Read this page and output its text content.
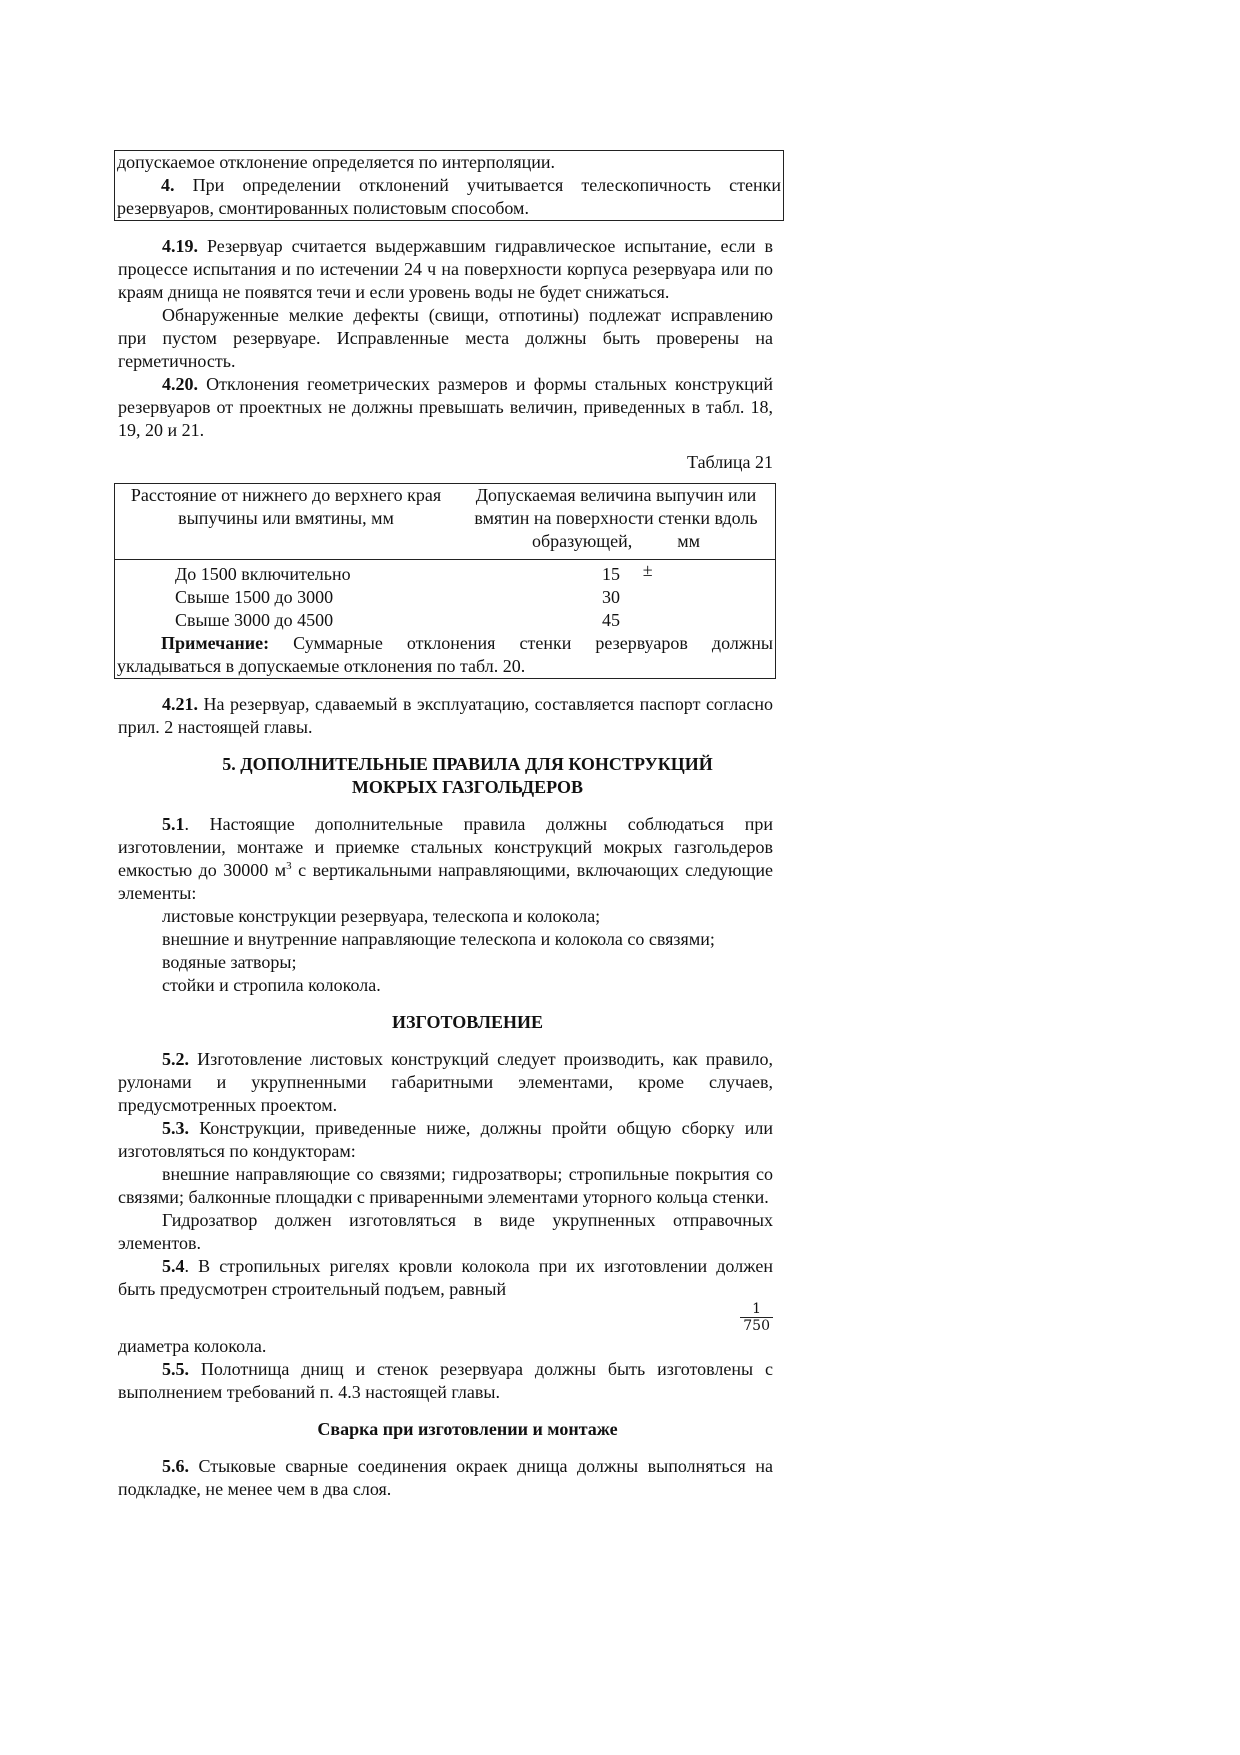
допускаемое отклонение определяется по интерполяции.

4. При определении отклонений учитывается телескопичность стенки резервуаров, смонтированных полистовым способом.

4.19. Резервуар считается выдержавшим гидравлическое испытание, если в процессе испытания и по истечении 24 ч на поверхности корпуса резервуара или по краям днища не появятся течи и если уровень воды не будет снижаться.

Обнаруженные мелкие дефекты (свищи, отпотины) подлежат исправлению при пустом резервуаре. Исправленные места должны быть проверены на герметичность.

4.20. Отклонения геометрических размеров и формы стальных конструкций резервуаров от проектных не должны превышать величин, приведенных в табл. 18, 19, 20 и 21.

Таблица 21

Расстояние от нижнего до верхнего края выпучины или вмятины, мм	Допускаемая величина выпучин или вмятин на поверхности стенки вдоль образующей,
±
мм
До 1500 включительно	15
Свыше 1500 до 3000	30
Свыше 3000 до 4500	45
Примечание: Суммарные отклонения стенки резервуаров должны укладываться в допускаемые отклонения по табл. 20.	

4.21. На резервуар, сдаваемый в эксплуатацию, составляется паспорт согласно прил. 2 настоящей главы.

5. ДОПОЛНИТЕЛЬНЫЕ ПРАВИЛА ДЛЯ КОНСТРУКЦИЙ

МОКРЫХ ГАЗГОЛЬДЕРОВ

5.1. Настоящие дополнительные правила должны соблюдаться при изготовлении, монтаже и приемке стальных конструкций мокрых газгольдеров емкостью до 30000 $м^3$ с вертикальными направляющими, включающих следующие элементы:

листовые конструкции резервуара, телескопа и колокола;

внешние и внутренние направляющие телескопа и колокола со связями;

водяные затворы;

стойки и стропила колокола.

ИЗГОТОВЛЕНИЕ

5.2. Изготовление листовых конструкций следует производить, как правило, рулонами и укрупненными габаритными элементами, кроме случаев, предусмотренных проектом.

5.3. Конструкции, приведенные ниже, должны пройти общую сборку или изготовляться по кондукторам:

внешние направляющие со связями; гидрозатворы; стропильные покрытия со связями; балконные площадки с приваренными элементами уторного кольца стенки.

Гидрозатвор должен изготовляться в виде укрупненных отправочных элементов.

5.4. В стропильных ригелях кровли колокола при их изготовлении должен быть предусмотрен строительный подъем, равный

$\frac{1}{750}$

диаметра колокола.

5.5. Полотнища днищ и стенок резервуара должны быть изготовлены с выполнением требований п. 4.3 настоящей главы.

Сварка при изготовлении и монтаже

5.6. Стыковые сварные соединения окраек днища должны выполняться на подкладке, не менее чем в два слоя.
